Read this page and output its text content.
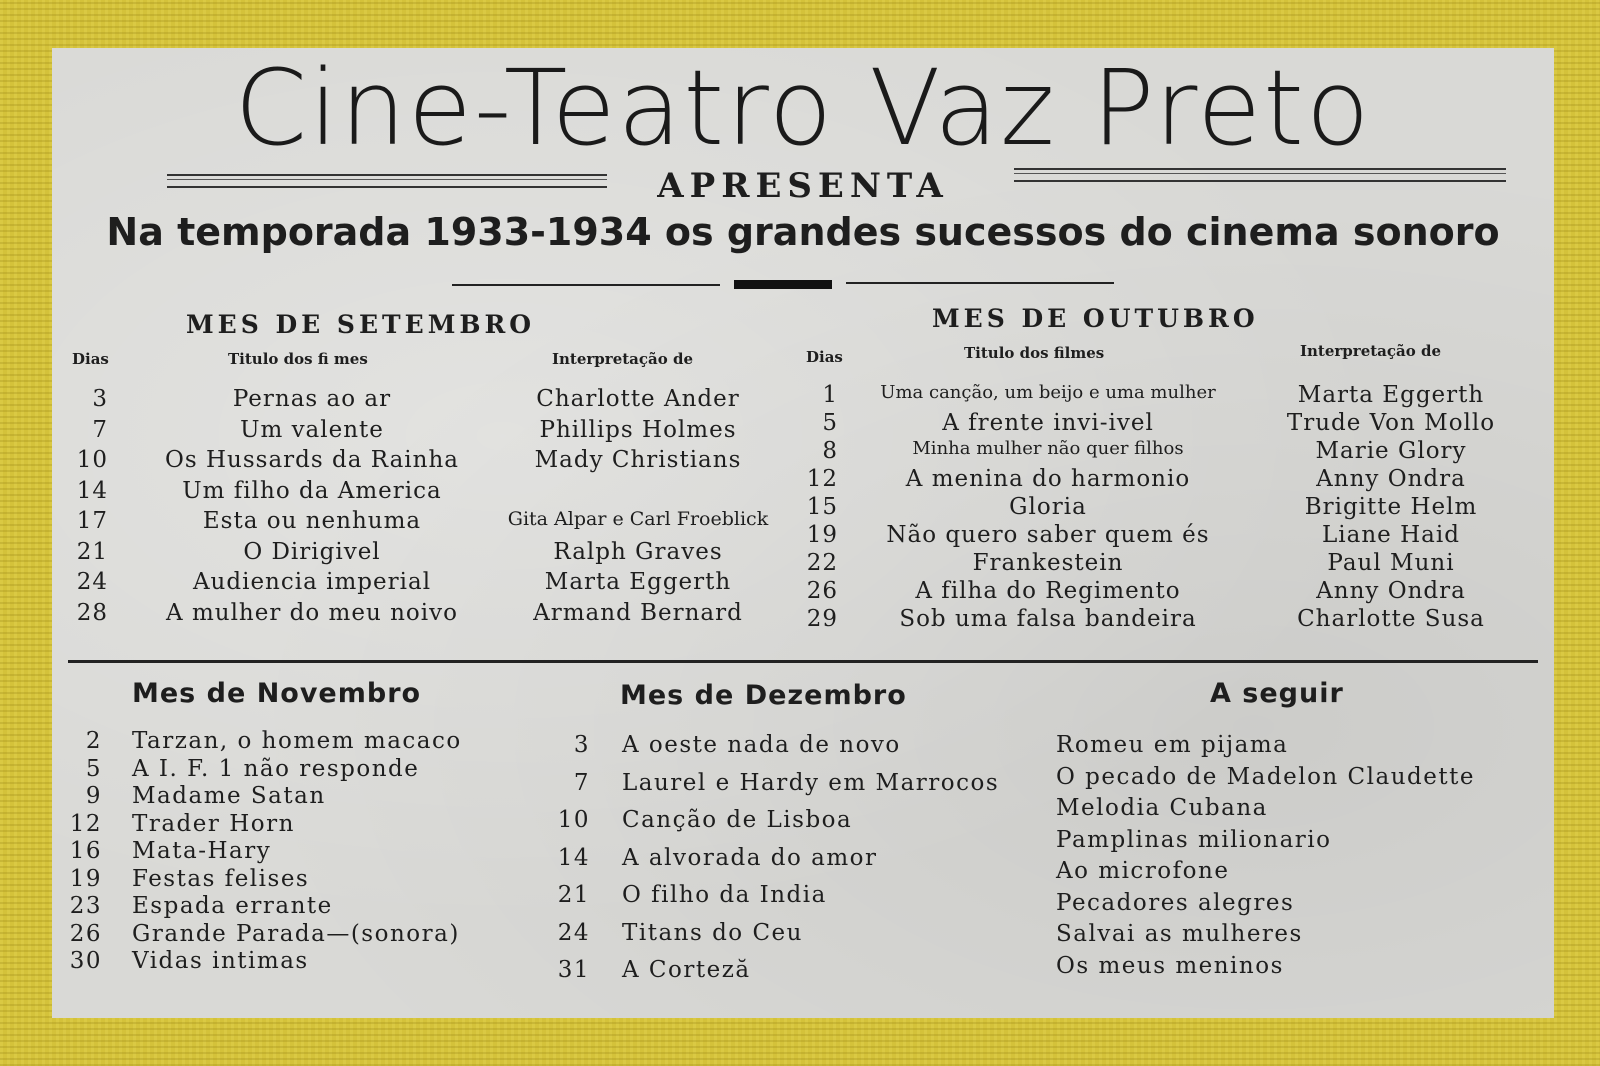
Cine-Teatro Vaz Preto
APRESENTA
Na temporada 1933-1934 os grandes sucessos do cinema sonoro
MES DE SETEMBRO
Dias	Titulo dos fi mes	Interpretação de
3	Pernas ao ar	Charlotte Ander
7	Um valente	Phillips Holmes
10	Os Hussards da Rainha	Mady Christians
14	Um filho da America
17	Esta ou nenhuma	Gita Alpar e Carl Froeblick
21	O Dirigivel	Ralph Graves
24	Audiencia imperial	Marta Eggerth
28	A mulher do meu noivo	Armand Bernard
MES DE OUTUBRO
Dias	Titulo dos filmes	Interpretação de
1	Uma canção, um beijo e uma mulher	Marta Eggerth
5	A frente invi-ivel	Trude Von Mollo
8	Minha mulher não quer filhos	Marie Glory
12	A menina do harmonio	Anny Ondra
15	Gloria	Brigitte Helm
19	Não quero saber quem és	Liane Haid
22	Frankestein	Paul Muni
26	A filha do Regimento	Anny Ondra
29	Sob uma falsa bandeira	Charlotte Susa
Mes de Novembro
2 Tarzan, o homem macaco
5 A I. F. 1 não responde
9 Madame Satan
12 Trader Horn
16 Mata-Hary
19 Festas felises
23 Espada errante
26 Grande Parada—(sonora)
30 Vidas intimas
Mes de Dezembro
3 A oeste nada de novo
7 Laurel e Hardy em Marrocos
10 Canção de Lisboa
14 A alvorada do amor
21 O filho da India
24 Titans do Ceu
31 A Corteză
A seguir
Romeu em pijama
O pecado de Madelon Claudette
Melodia Cubana
Pamplinas milionario
Ao microfone
Pecadores alegres
Salvai as mulheres
Os meus meninos
